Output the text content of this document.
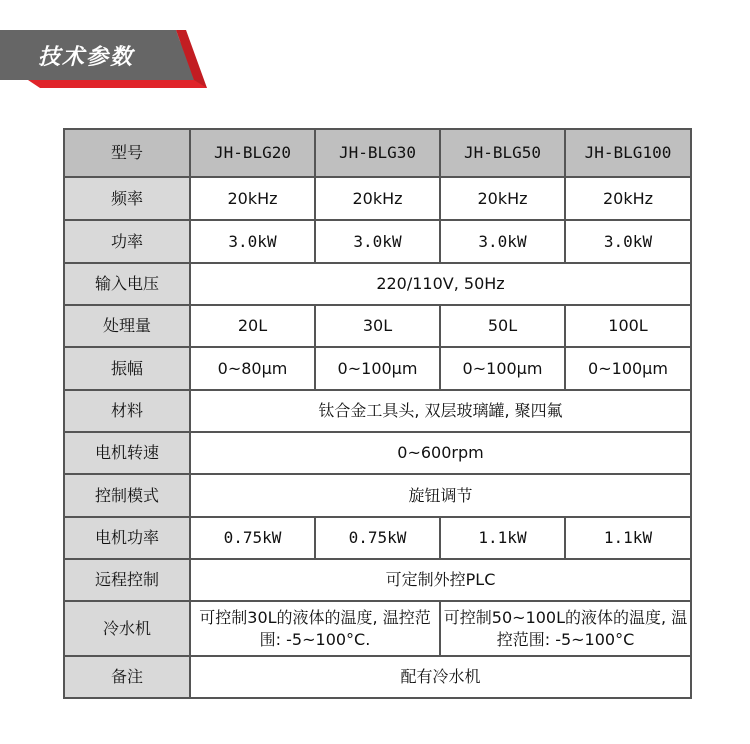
技术参数
型号	JH-BLG20	JH-BLG30	JH-BLG50	JH-BLG100
频率	20kHz	20kHz	20kHz	20kHz
功率	3.0kW	3.0kW	3.0kW	3.0kW
输入电压	220/110V, 50Hz			
处理量	20L	30L	50L	100L
振幅	0~80μm	0~100μm	0~100μm	0~100μm
材料	钛合金工具头, 双层玻璃罐, 聚四氟			
电机转速	0~600rpm			
控制模式	旋钮调节			
电机功率	0.75kW	0.75kW	1.1kW	1.1kW
远程控制	可定制外控PLC			
冷水机	可控制30L的液体的温度, 温控范围: -5~100°C.		可控制50~100L的液体的温度, 温控范围: -5~100°C	
备注	配有冷水机			
